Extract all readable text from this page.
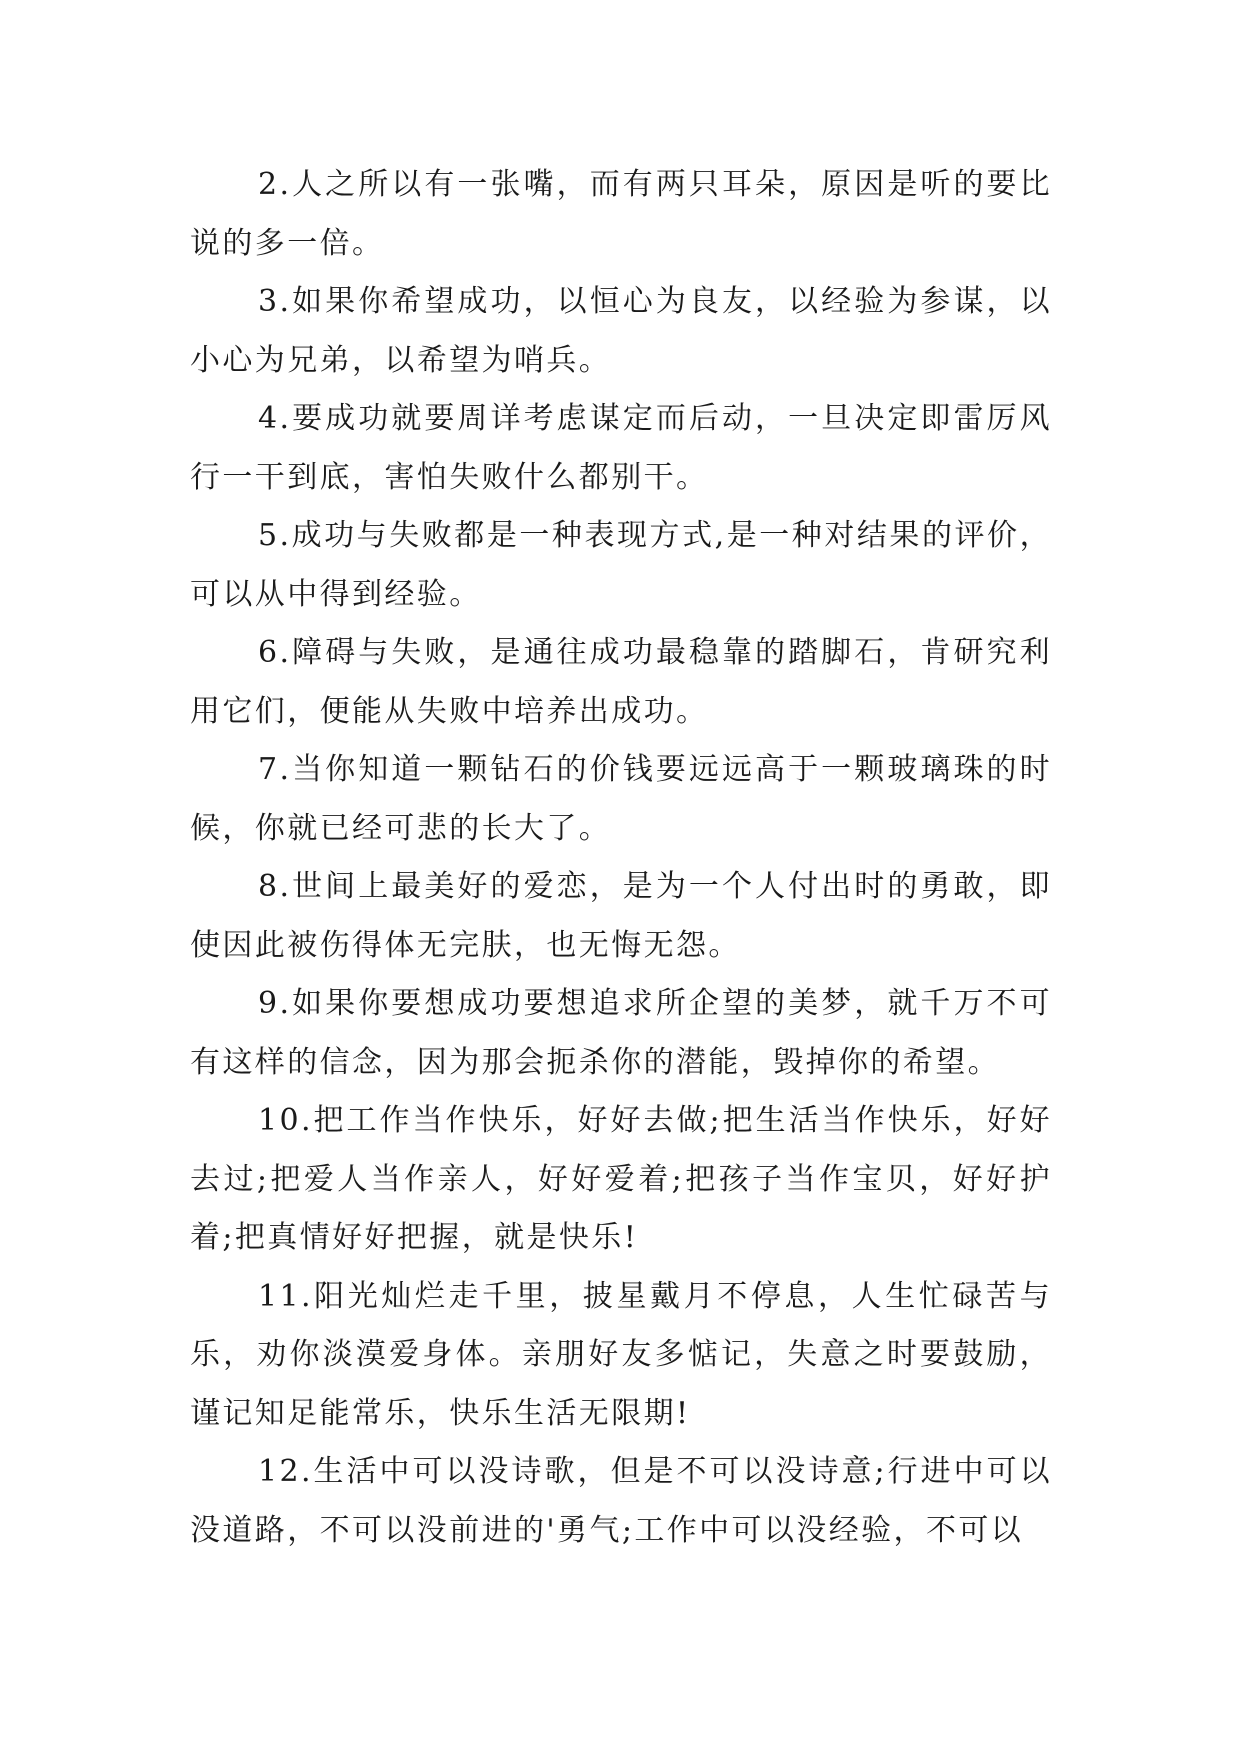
2.人之所以有一张嘴，而有两只耳朵，原因是听的要比说的多一倍。

3.如果你希望成功，以恒心为良友，以经验为参谋，以小心为兄弟，以希望为哨兵。

4.要成功就要周详考虑谋定而后动，一旦决定即雷厉风行一干到底，害怕失败什么都别干。

5.成功与失败都是一种表现方式,是一种对结果的评价，可以从中得到经验。

6.障碍与失败，是通往成功最稳靠的踏脚石，肯研究利用它们，便能从失败中培养出成功。

7.当你知道一颗钻石的价钱要远远高于一颗玻璃珠的时候，你就已经可悲的长大了。

8.世间上最美好的爱恋，是为一个人付出时的勇敢，即使因此被伤得体无完肤，也无悔无怨。

9.如果你要想成功要想追求所企望的美梦，就千万不可有这样的信念，因为那会扼杀你的潜能，毁掉你的希望。

10.把工作当作快乐，好好去做;把生活当作快乐，好好去过;把爱人当作亲人，好好爱着;把孩子当作宝贝，好好护着;把真情好好把握，就是快乐!

11.阳光灿烂走千里，披星戴月不停息，人生忙碌苦与乐，劝你淡漠爱身体。亲朋好友多惦记，失意之时要鼓励，谨记知足能常乐，快乐生活无限期!

12.生活中可以没诗歌，但是不可以没诗意;行进中可以没道路，不可以没前进的'勇气;工作中可以没经验，不可以
